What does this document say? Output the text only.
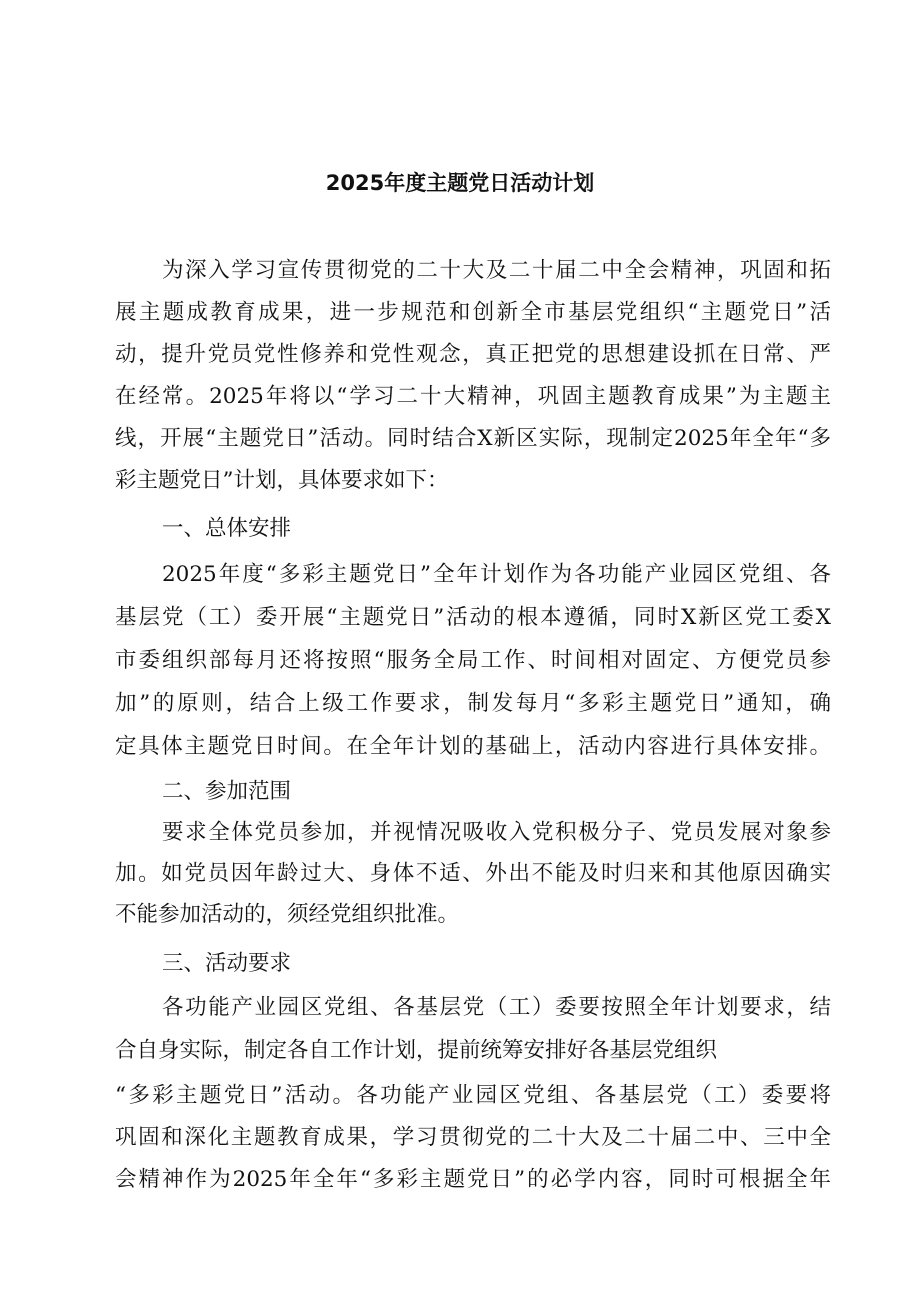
2025年度主题党日活动计划
为深入学习宣传贯彻党的二十大及二十届二中全会精神，巩固和拓
展主题成教育成果，进一步规范和创新全市基层党组织“主题党日”活
动，提升党员党性修养和党性观念，真正把党的思想建设抓在日常、严
在经常。2025年将以“学习二十大精神，巩固主题教育成果”为主题主
线，开展“主题党日”活动。同时结合X新区实际，现制定2025年全年“多
彩主题党日”计划，具体要求如下：
一、总体安排
2025年度“多彩主题党日”全年计划作为各功能产业园区党组、各
基层党（工）委开展“主题党日”活动的根本遵循，同时X新区党工委X
市委组织部每月还将按照“服务全局工作、时间相对固定、方便党员参
加”的原则，结合上级工作要求，制发每月“多彩主题党日”通知，确
定具体主题党日时间。在全年计划的基础上，活动内容进行具体安排。
二、参加范围
要求全体党员参加，并视情况吸收入党积极分子、党员发展对象参
加。如党员因年龄过大、身体不适、外出不能及时归来和其他原因确实
不能参加活动的，须经党组织批准。
三、活动要求
各功能产业园区党组、各基层党（工）委要按照全年计划要求，结
合自身实际，制定各自工作计划，提前统筹安排好各基层党组织
“多彩主题党日”活动。各功能产业园区党组、各基层党（工）委要将
巩固和深化主题教育成果，学习贯彻党的二十大及二十届二中、三中全
会精神作为2025年全年“多彩主题党日”的必学内容，同时可根据全年
